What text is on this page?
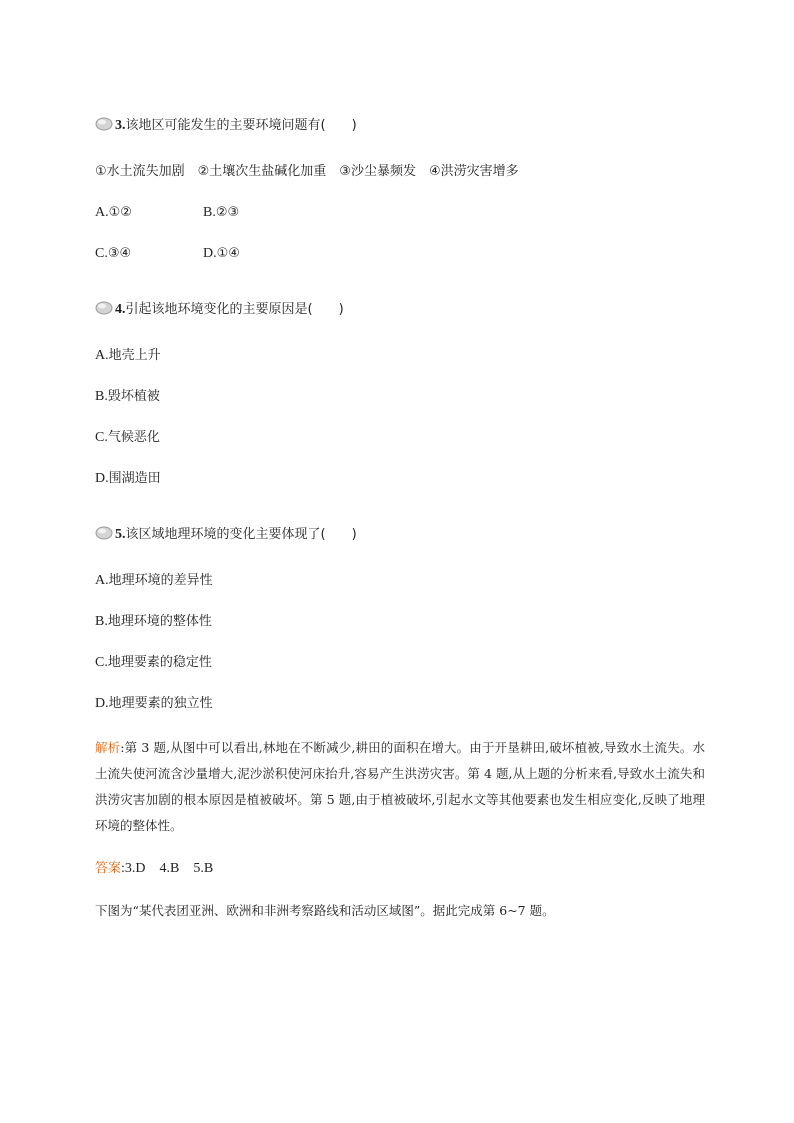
3.该地区可能发生的主要环境问题有(　　)
①水土流失加剧　②土壤次生盐碱化加重　③沙尘暴频发　④洪涝灾害增多
A.①②	B.②③
C.③④	D.①④
4.引起该地环境变化的主要原因是(　　)
A.地壳上升
B.毁坏植被
C.气候恶化
D.围湖造田
5.该区域地理环境的变化主要体现了(　　)
A.地理环境的差异性
B.地理环境的整体性
C.地理要素的稳定性
D.地理要素的独立性
解析:第 3 题,从图中可以看出,林地在不断减少,耕田的面积在增大。由于开垦耕田,破坏植被,导致水土流失。水土流失使河流含沙量增大,泥沙淤积使河床抬升,容易产生洪涝灾害。第 4 题,从上题的分析来看,导致水土流失和洪涝灾害加剧的根本原因是植被破坏。第 5 题,由于植被破坏,引起水文等其他要素也发生相应变化,反映了地理环境的整体性。
答案:3.D　4.B　5.B
下图为“某代表团亚洲、欧洲和非洲考察路线和活动区域图”。据此完成第 6~7 题。
